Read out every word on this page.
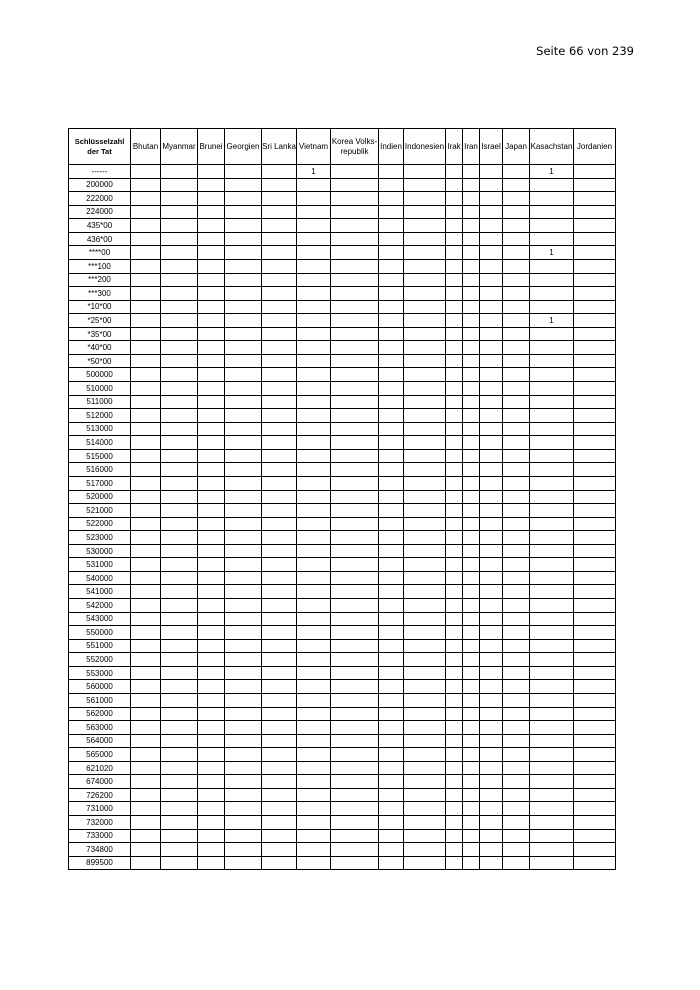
Seite 66 von 239
Schlüsselzahl der Tat	Bhutan	Myanmar	Brunei	Georgien	Sri Lanka	Vietnam	Korea Volks-republik	Indien	Indonesien	Irak	Iran	Israel	Japan	Kasachstan	Jordanien
------						1								1	
200000															
222000															
224000															
435*00															
436*00															
****00														1	
***100															
***200															
***300															
*10*00															
*25*00														1	
*35*00															
*40*00															
*50*00															
500000															
510000															
511000															
512000															
513000															
514000															
515000															
516000															
517000															
520000															
521000															
522000															
523000															
530000															
531000															
540000															
541000															
542000															
543000															
550000															
551000															
552000															
553000															
560000															
561000															
562000															
563000															
564000															
565000															
621020															
674000															
726200															
731000															
732000															
733000															
734800															
899500															
